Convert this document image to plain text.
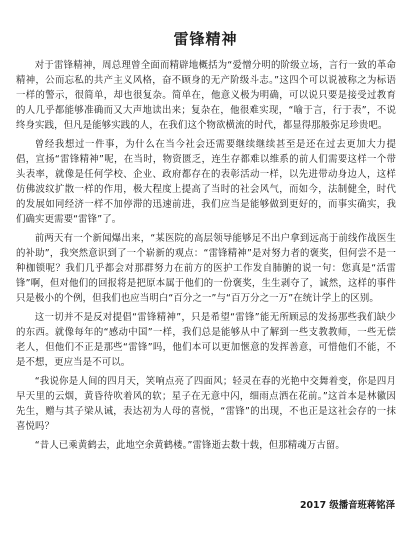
雷锋精神

对于雷锋精神，周总理曾全面而精辟地概括为“爱憎分明的阶级立场，言行一致的革命精神，公而忘私的共产主义风格，奋不顾身的无产阶级斗志。”这四个可以说被称之为标语一样的警示，很简单，却也很复杂。简单在，他意义极为明确，可以说只要是接受过教育的人几乎都能够准确而又大声地读出来；复杂在，他很难实现，“喻于言，行于表”，不说终身实践，但凡是能够实践的人，在我们这个物欲横流的时代，都显得那般弥足珍贵吧。

曾经我想过一件事，为什么在当今社会还需要继续继续甚至是还在过去更加大力提倡，宣扬“雷锋精神”呢，在当时，物资匮乏，连生存都难以维系的前人们需要这样一个带头表率，就像是任何学校、企业、政府都存在的表彰活动一样，以先进带动身边人，这样仿佛波纹扩散一样的作用，极大程度上提高了当时的社会风气，而如今，法制健全，时代的发展如同经济一样不加停滞的迅速前进，我们应当是能够做到更好的，而事实确实，我们确实更需要“雷锋”了。

前两天有一个新闻爆出来，“某医院的高层领导能够足不出户拿到远高于前线作战医生的补助”，我突然意识到了一个崭新的观点：“雷锋精神”是对努力者的褒奖，但何尝不是一种枷锁呢？我们几乎都会对那群努力在前方的医护工作发自肺腑的说一句：您真是“活雷锋”啊，但对他们的回报将是把原本属于他们的一份褒奖，生生剥夺了，诚然，这样的事件只是极小的个例，但我们也应当明白“百分之一”与“百万分之一万”在统计学上的区别。

这一切并不是反对提倡“雷锋精神”，只是希望“雷锋”能无所顾忌的发扬那些我们缺少的东西。就像每年的“感动中国”一样，我们总是能够从中了解到一些支教教师，一些无偿老人，但他们不正是那些“雷锋”吗，他们本可以更加惬意的发挥善意，可惜他们不能，不是不想，更应当是不可以。

“我说你是人间的四月天，笑响点亮了四面风；轻灵在春的光艳中交舞着变，你是四月早天里的云烟，黄昏待吹着风的软；星子在无意中闪，细雨点洒在花前。”这首本是林徽因先生，赠与其子梁从诫，表达初为人母的喜悦，“雷锋”的出现，不也正是这社会存的一抹喜悦吗？

“昔人已乘黄鹤去，此地空余黄鹤楼。”雷锋逝去数十载，但那精魂万古留。

2017 级播音班蒋铭泽
